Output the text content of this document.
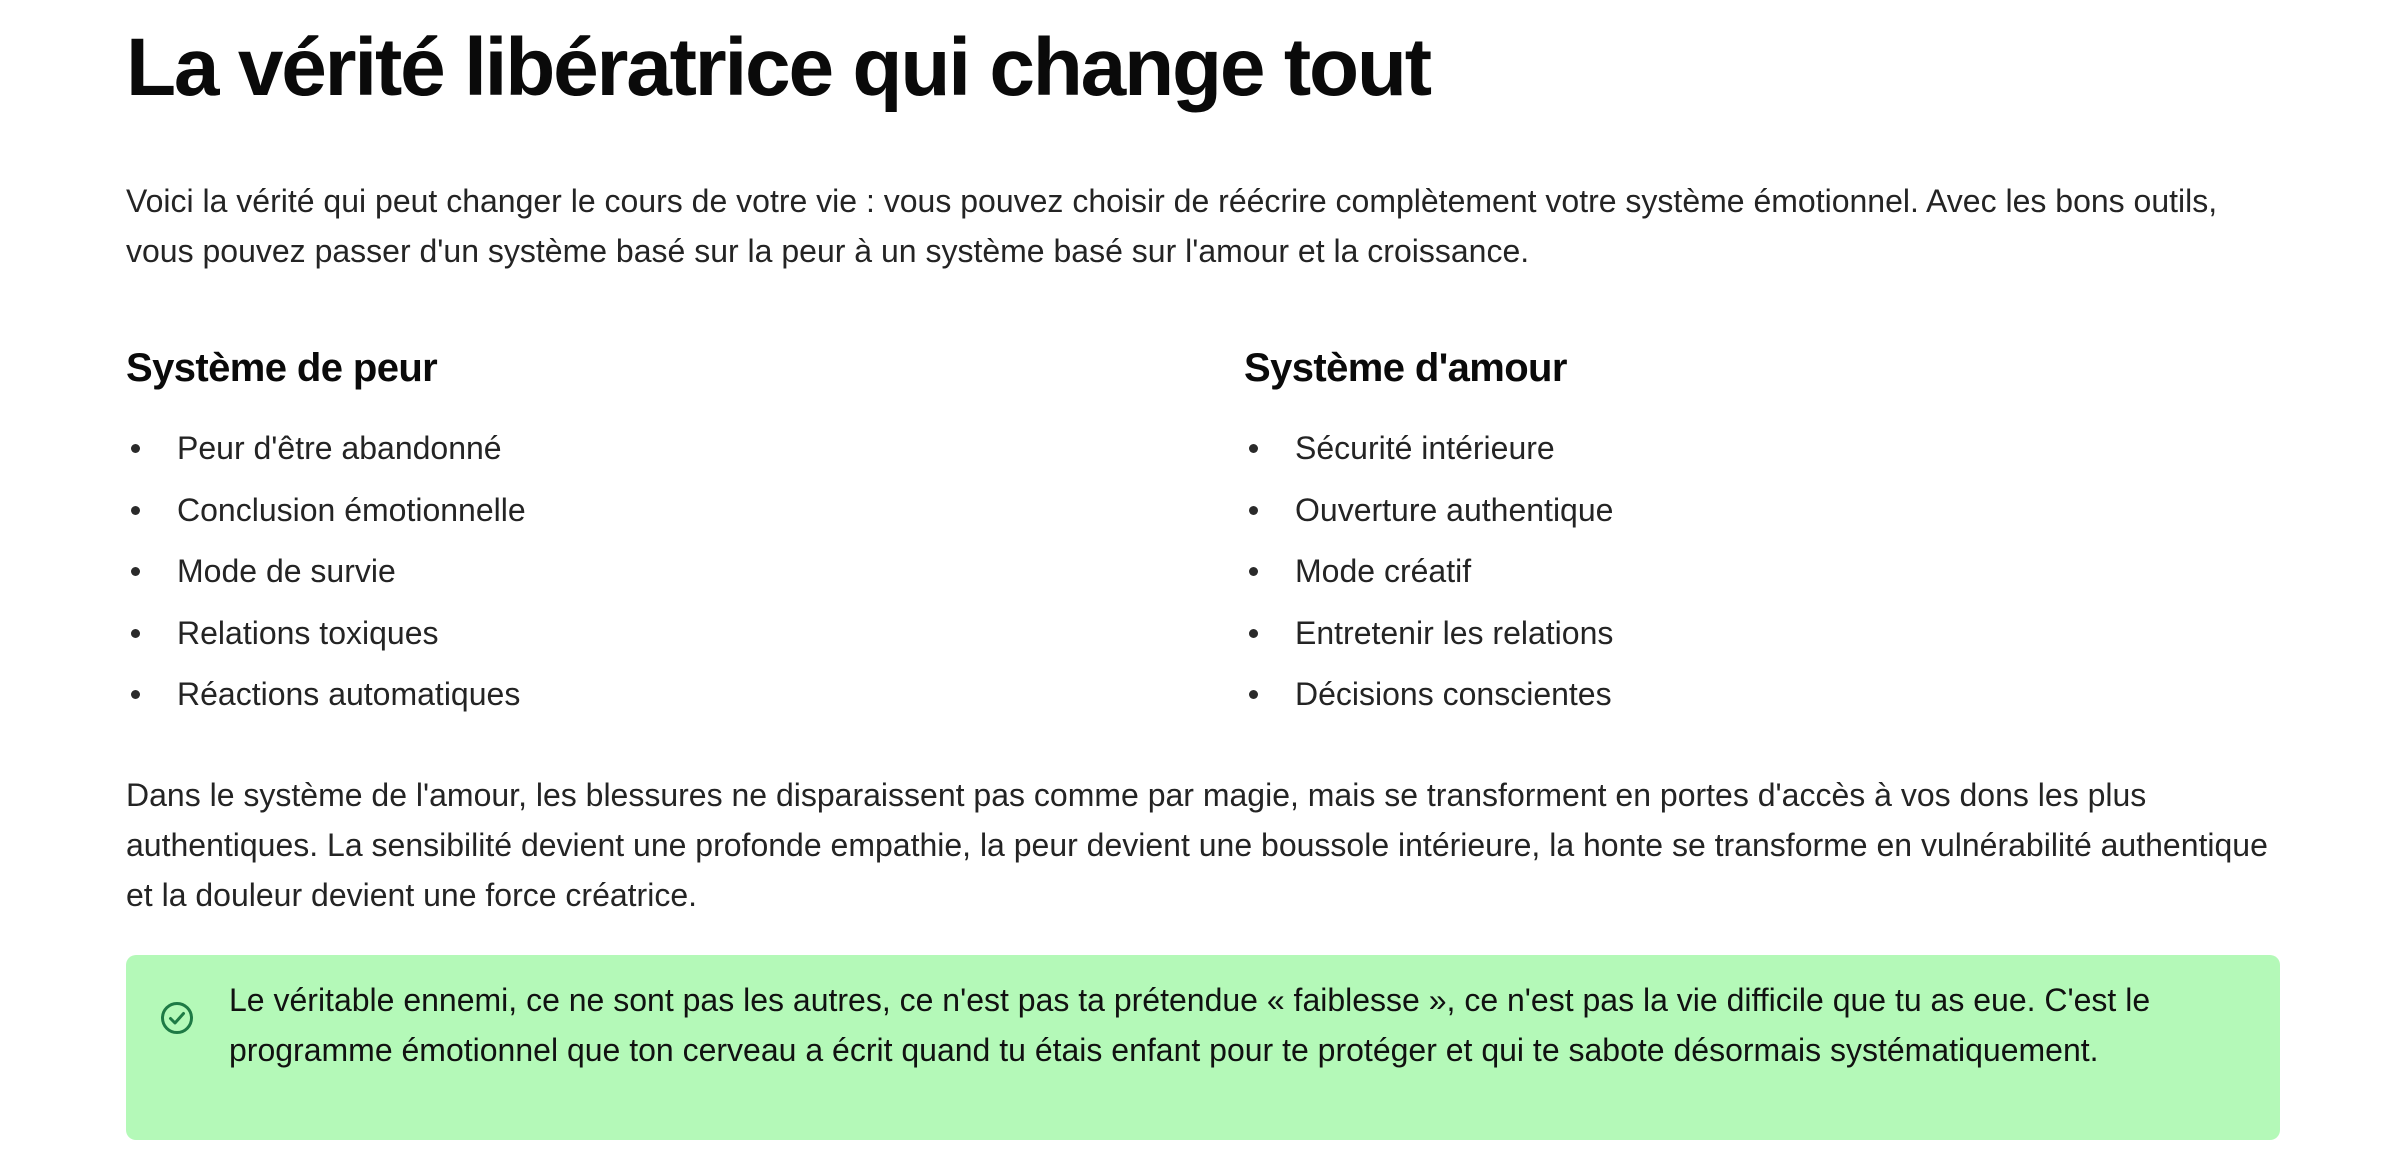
La vérité libératrice qui change tout

Voici la vérité qui peut changer le cours de votre vie : vous pouvez choisir de réécrire complètement votre système émotionnel. Avec les bons outils, vous pouvez passer d'un système basé sur la peur à un système basé sur l'amour et la croissance.

Système de peur
Peur d'être abandonné
Conclusion émotionnelle
Mode de survie
Relations toxiques
Réactions automatiques
Système d'amour
Sécurité intérieure
Ouverture authentique
Mode créatif
Entretenir les relations
Décisions conscientes

Dans le système de l'amour, les blessures ne disparaissent pas comme par magie, mais se transforment en portes d'accès à vos dons les plus authentiques. La sensibilité devient une profonde empathie, la peur devient une boussole intérieure, la honte se transforme en vulnérabilité authentique et la douleur devient une force créatrice.

Le véritable ennemi, ce ne sont pas les autres, ce n'est pas ta prétendue « faiblesse », ce n'est pas la vie difficile que tu as eue. C'est le programme émotionnel que ton cerveau a écrit quand tu étais enfant pour te protéger et qui te sabote désormais systématiquement.
